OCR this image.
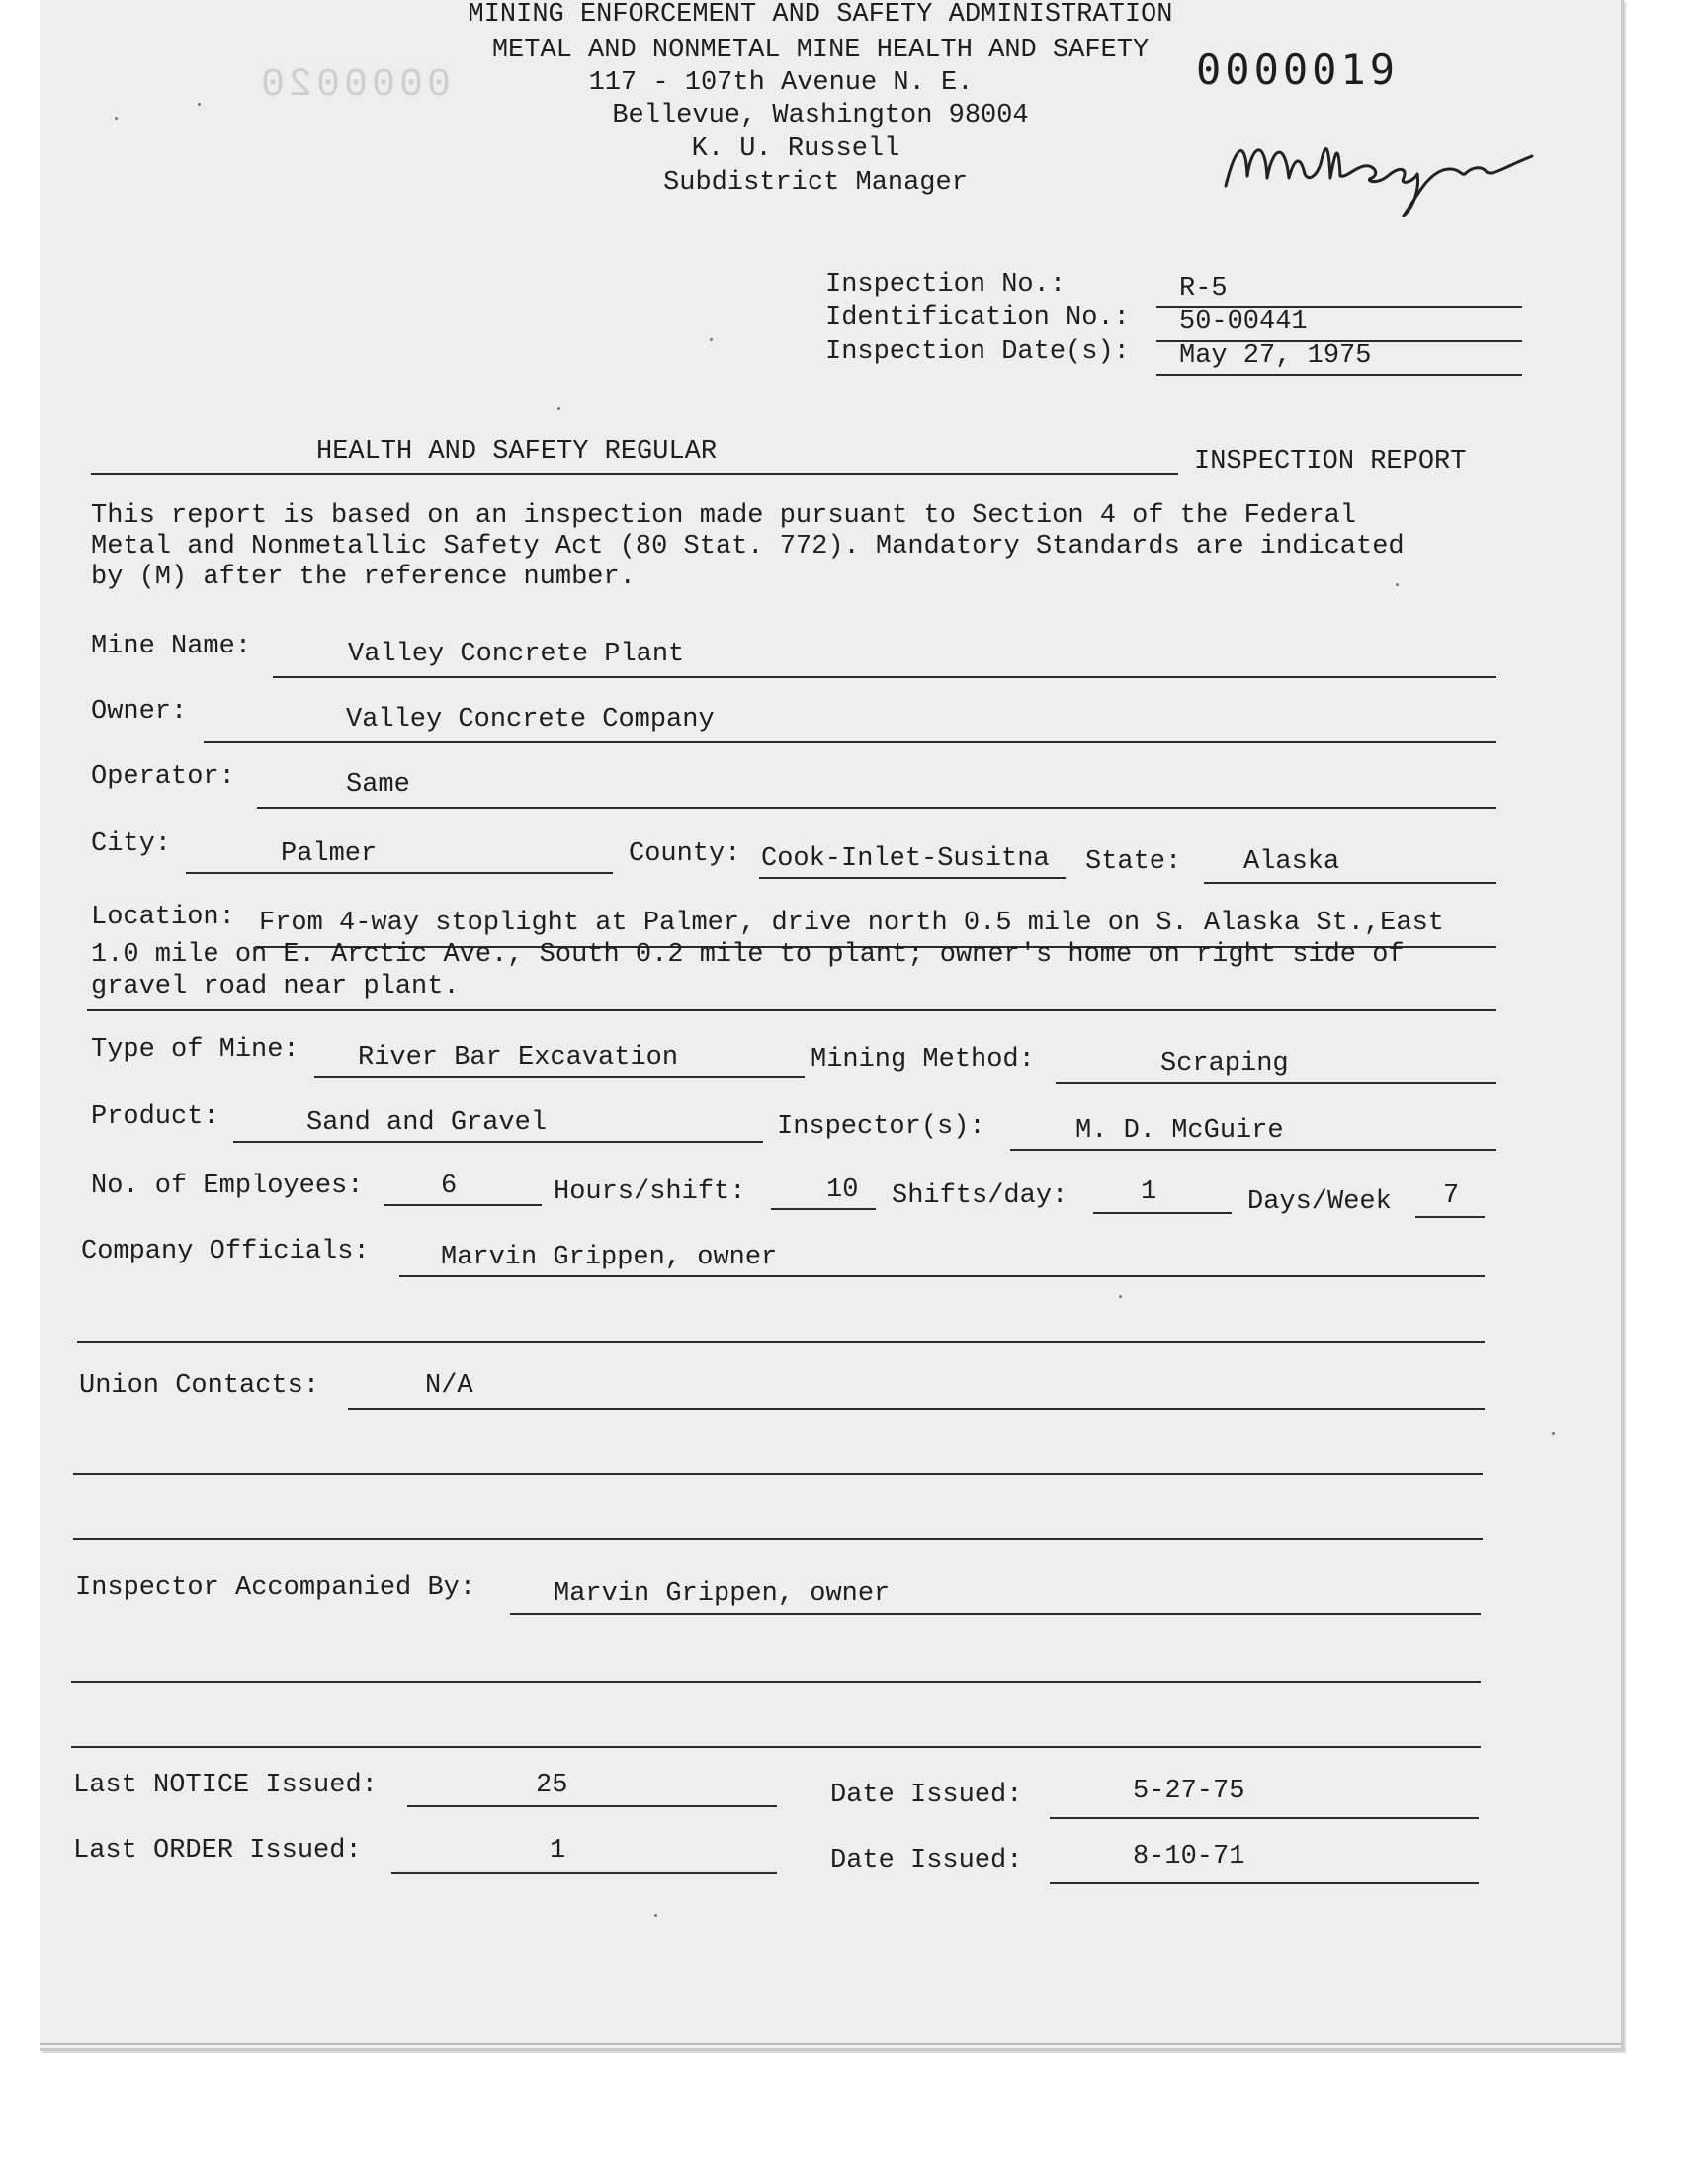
0000020
MINING ENFORCEMENT AND SAFETY ADMINISTRATION
METAL AND NONMETAL MINE HEALTH AND SAFETY
117 - 107th Avenue N. E.
Bellevue, Washington 98004
K. U. Russell
Subdistrict Manager
0000019
Inspection No.:	R-5
Identification No.: 50-00441
Inspection Date(s): May 27, 1975
HEALTH AND SAFETY REGULAR	INSPECTION REPORT
This report is based on an inspection made pursuant to Section 4 of the Federal
Metal and Nonmetallic Safety Act (80 Stat. 772). Mandatory Standards are indicated
by (M) after the reference number.
Mine Name:	Valley Concrete Plant
Owner:	Valley Concrete Company
Operator:	Same
City:	Palmer	County: Cook-Inlet-Susitna State: Alaska
Location: From 4-way stoplight at Palmer, drive north 0.5 mile on S. Alaska St.,East
1.0 mile on E. Arctic Ave., South 0.2 mile to plant; owner's home on right side of
gravel road near plant.
Type of Mine: River Bar Excavation	Mining Method:	Scraping
Product:	Sand and Gravel	Inspector(s):	M. D. McGuire
No. of Employees:	6	Hours/shift:	10 Shifts/day:	1	Days/Week 7
Company Officials:	Marvin Grippen, owner
Union Contacts:	N/A
Inspector Accompanied By:	Marvin Grippen, owner
Last NOTICE Issued:	25	Date Issued:	5-27-75
Last ORDER Issued:	1	Date Issued:	8-10-71
